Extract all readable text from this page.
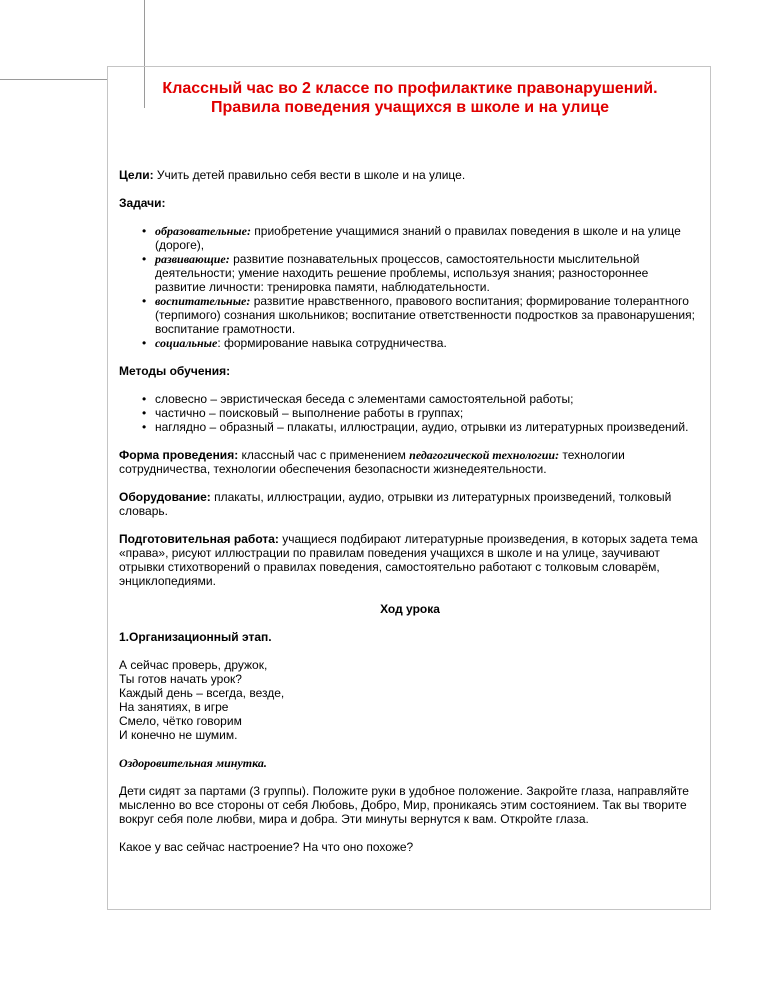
Классный час во 2 классе по профилактике правонарушений.
Правила поведения учащихся в школе и на улице

Цели: Учить детей правильно себя вести в школе и на улице.

Задачи:

• образовательные: приобретение учащимися знаний о правилах поведения в школе и на улице (дороге),
• развивающие: развитие познавательных процессов, самостоятельности мыслительной деятельности; умение находить решение проблемы, используя знания; разностороннее развитие личности: тренировка памяти, наблюдательности.
• воспитательные: развитие нравственного, правового воспитания; формирование толерантного (терпимого) сознания школьников; воспитание ответственности подростков за правонарушения; воспитание грамотности.
• социальные: формирование навыка сотрудничества.

Методы обучения:

• словесно – эвристическая беседа с элементами самостоятельной работы;
• частично – поисковый – выполнение работы в группах;
• наглядно – образный – плакаты, иллюстрации, аудио, отрывки из литературных произведений.

Форма проведения: классный час с применением педагогической технологии: технологии сотрудничества, технологии обеспечения безопасности жизнедеятельности.

Оборудование: плакаты, иллюстрации, аудио, отрывки из литературных произведений, толковый словарь.

Подготовительная работа: учащиеся подбирают литературные произведения, в которых задета тема «права», рисуют иллюстрации по правилам поведения учащихся в школе и на улице, заучивают отрывки стихотворений о правилах поведения, самостоятельно работают с толковым словарём, энциклопедиями.

Ход урока

1.Организационный этап.

А сейчас проверь, дружок,
Ты готов начать урок?
Каждый день – всегда, везде,
На занятиях, в игре
Смело, чётко говорим
И конечно не шумим.

Оздоровительная минутка.

Дети сидят за партами (3 группы). Положите руки в удобное положение. Закройте глаза, направляйте мысленно во все стороны от себя Любовь, Добро, Мир, проникаясь этим состоянием. Так вы творите вокруг себя поле любви, мира и добра. Эти минуты вернутся к вам. Откройте глаза.

Какое у вас сейчас настроение? На что оно похоже?
